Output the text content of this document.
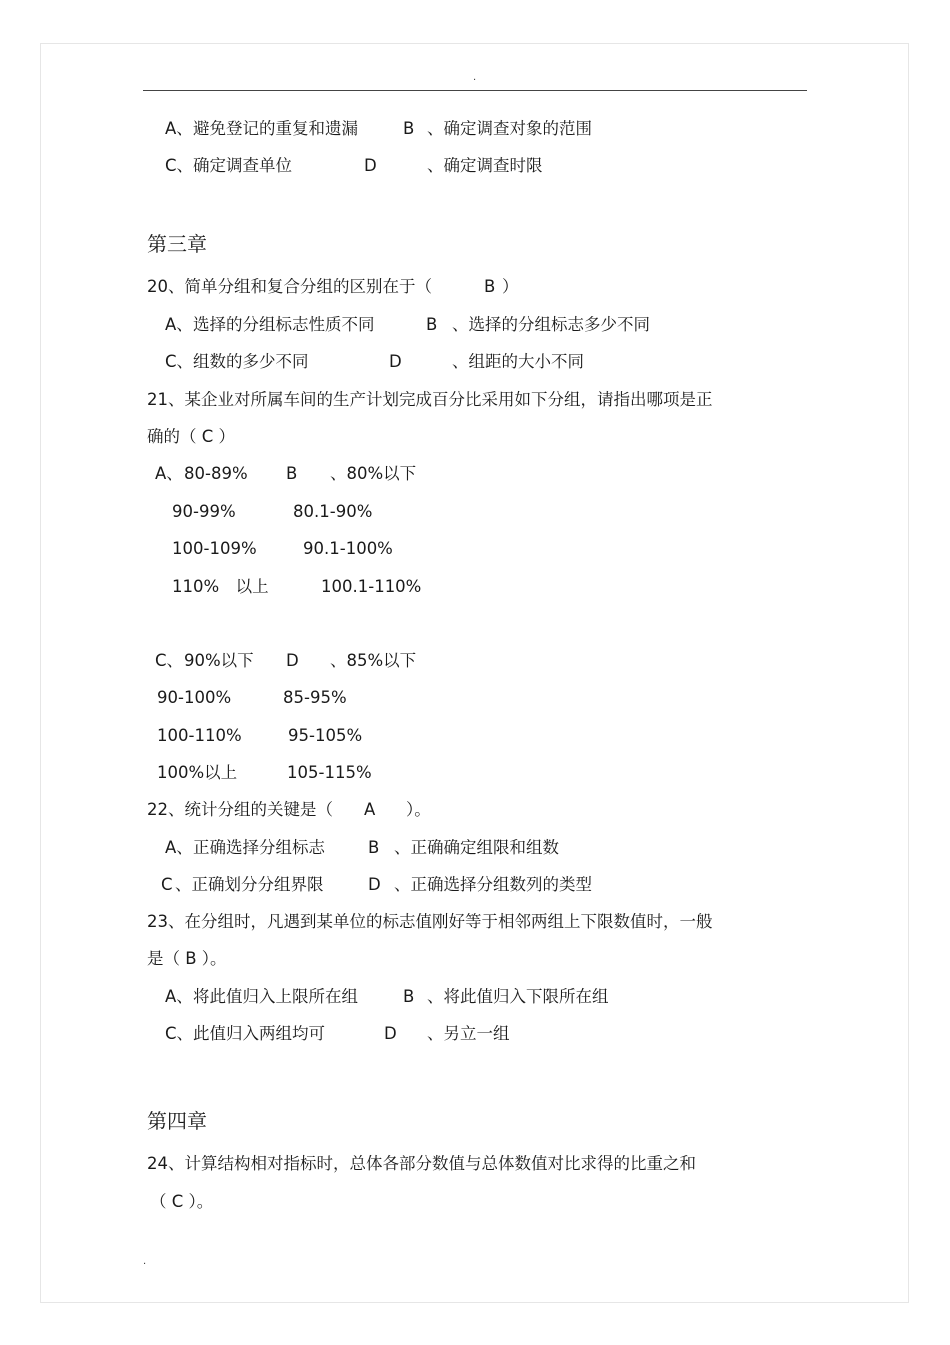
.
A、 避免登记的重复和遗漏	B 、确定调查对象的范围
C、 确定调查单位	D	、确定调查时限
第三章
20、简单分组和复合分组的区别在于（	B ）
A、 选择的分组标志性质不同	B 、选择的分组标志多少不同
C、 组数的多少不同	D	、组距的大小不同
21、某企业对所属车间的生产计划完成百分比采用如下分组，请指出哪项是正
确的（ C ）
A、 80-89% B 、80%以下
90-99%	80.1-90%
100-109%	90.1-100%
110%　以上	100.1-110%
C、 90%以下 D 、85%以下
90-100%	85-95%
100-110%	95-105%
100%以上	105-115%
22、统计分组的关键是（ A ）。
A、 正确选择分组标志	B 、正确确定组限和组数
C 、正确划分分组界限	D 、正确选择分组数列的类型
23、在分组时，凡遇到某单位的标志值刚好等于相邻两组上下限数值时，一般
是（ B ）。
A、 将此值归入上限所在组	B 、将此值归入下限所在组
C、 此值归入两组均可	D 、另立一组
第四章
24、计算结构相对指标时，总体各部分数值与总体数值对比求得的比重之和
（ C ）。
.
